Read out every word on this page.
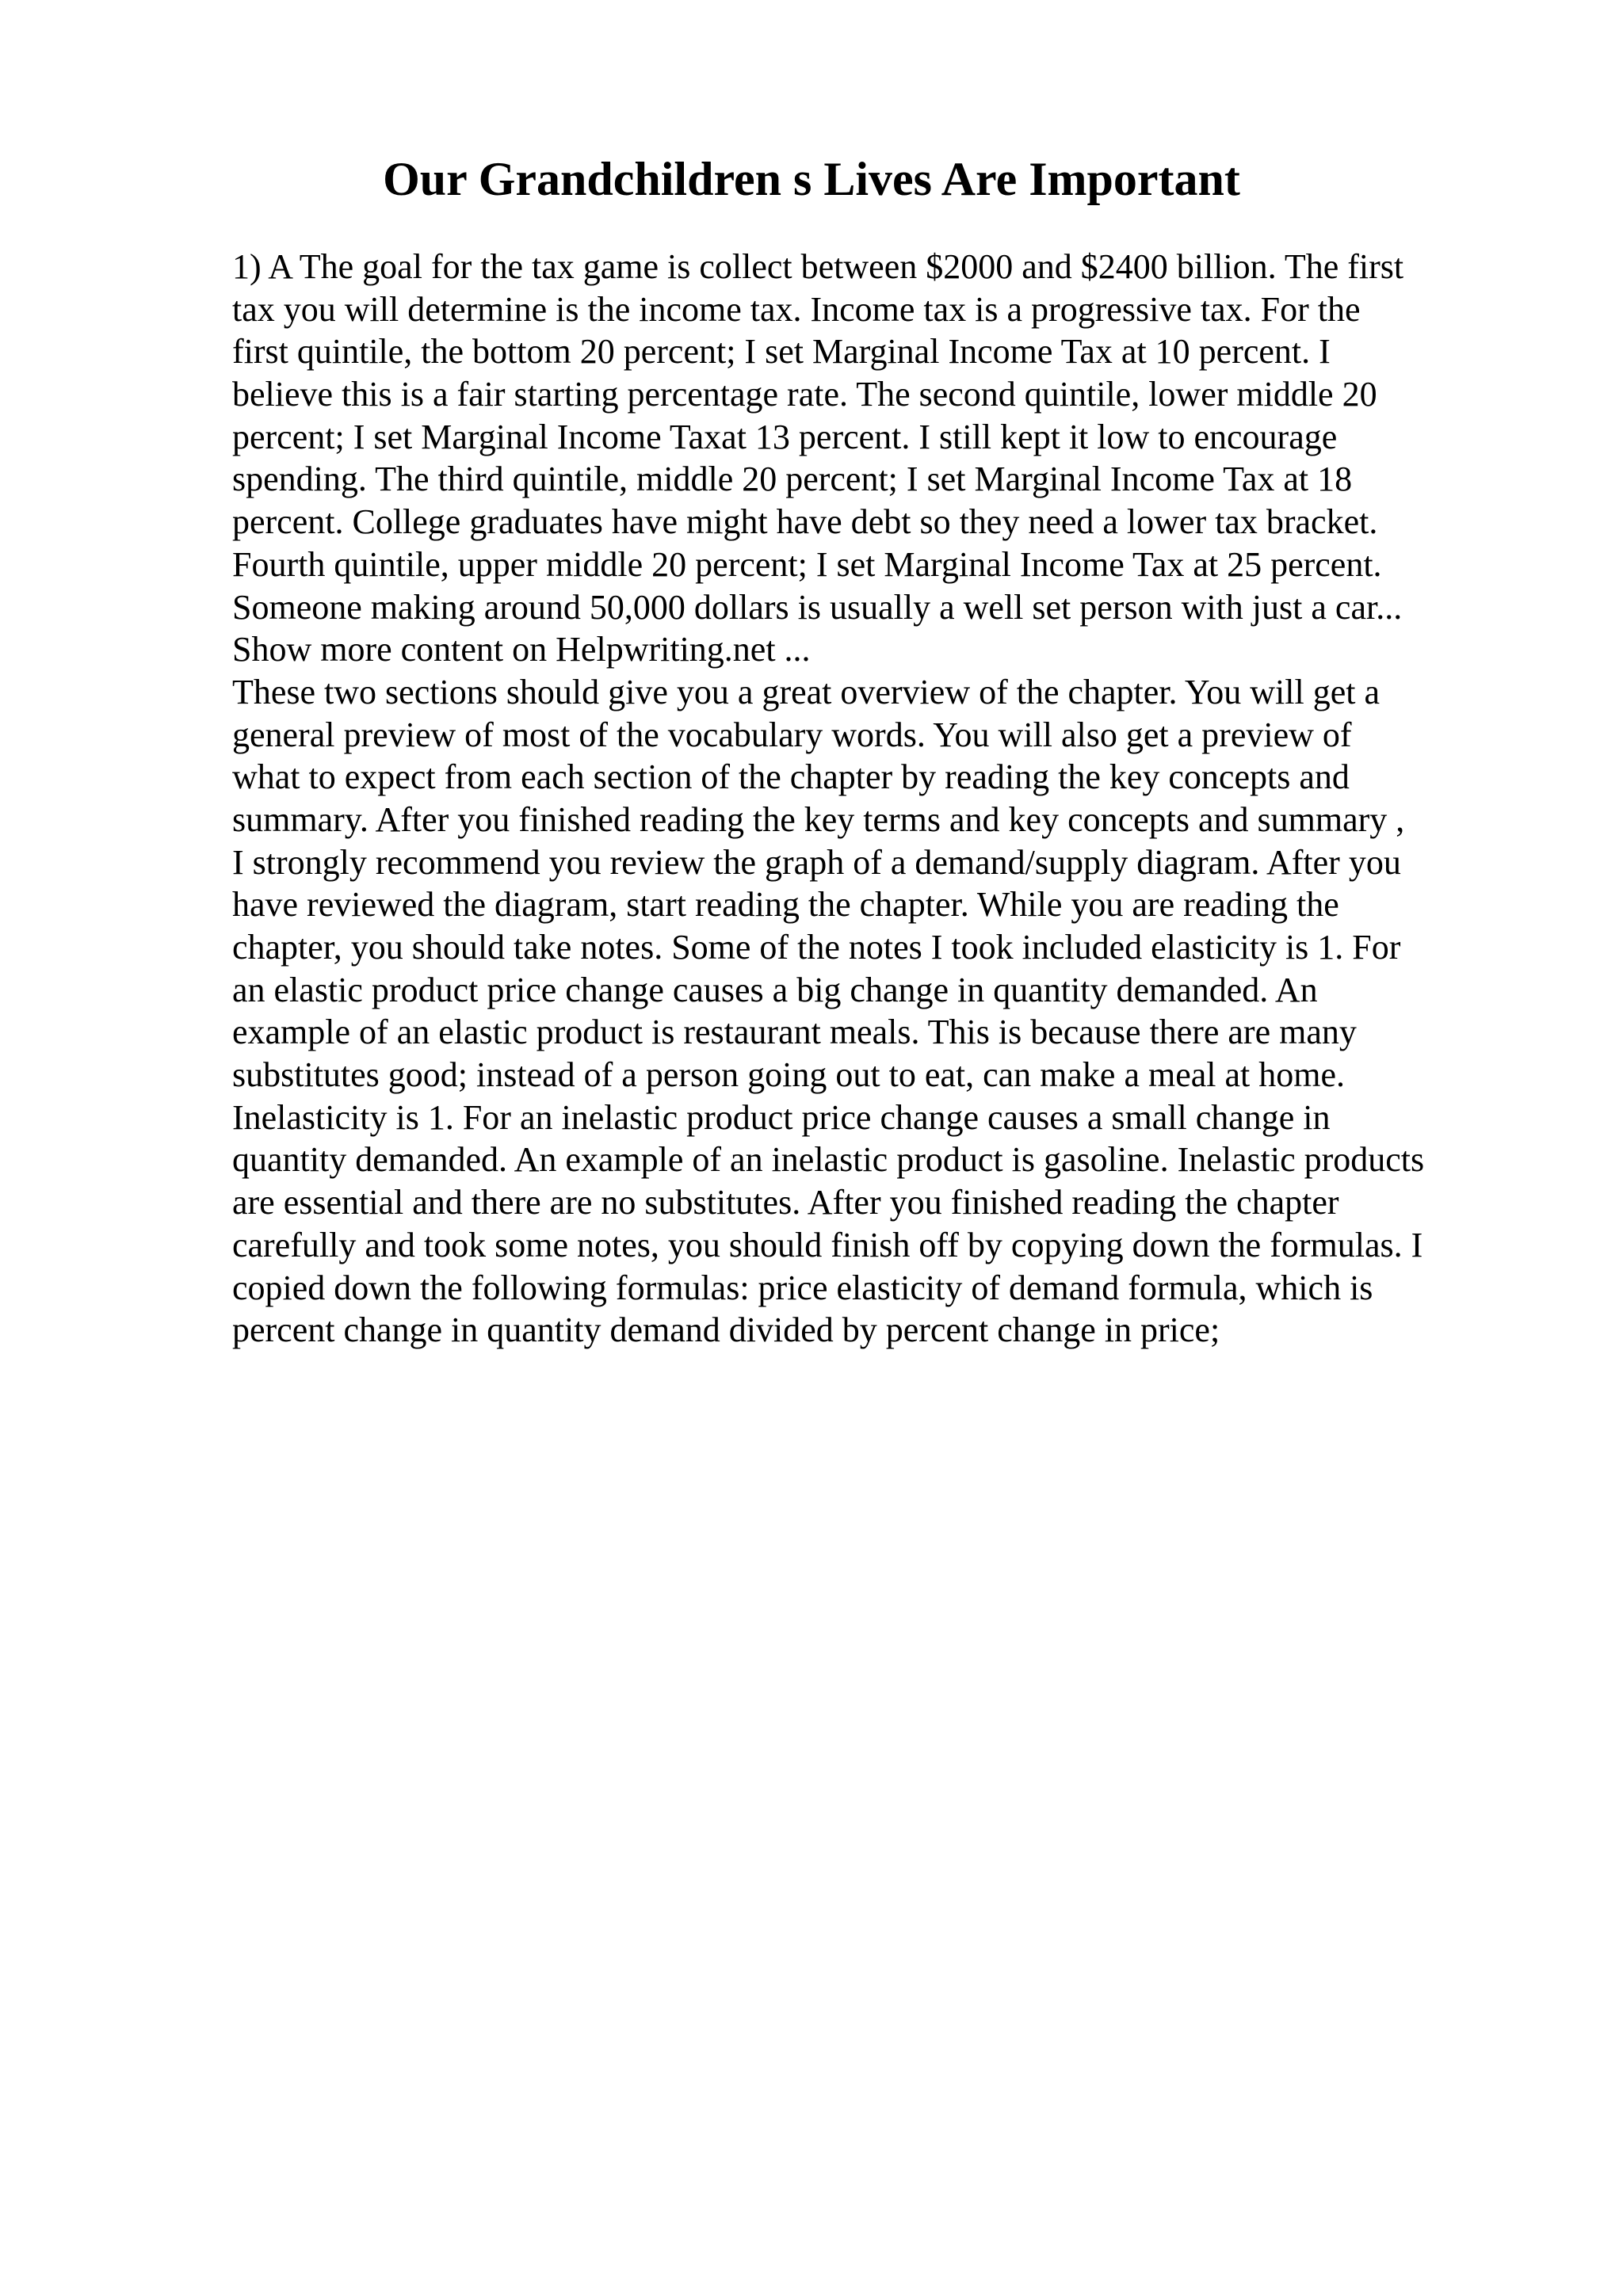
Our Grandchildren s Lives Are Important
1) A The goal for the tax game is collect between $2000 and $2400 billion. The first
tax you will determine is the income tax. Income tax is a progressive tax. For the
first quintile, the bottom 20 percent; I set Marginal Income Tax at 10 percent. I
believe this is a fair starting percentage rate. The second quintile, lower middle 20
percent; I set Marginal Income Taxat 13 percent. I still kept it low to encourage
spending. The third quintile, middle 20 percent; I set Marginal Income Tax at 18
percent. College graduates have might have debt so they need a lower tax bracket.
Fourth quintile, upper middle 20 percent; I set Marginal Income Tax at 25 percent.
Someone making around 50,000 dollars is usually a well set person with just a car...
Show more content on Helpwriting.net ...
These two sections should give you a great overview of the chapter. You will get a
general preview of most of the vocabulary words. You will also get a preview of
what to expect from each section of the chapter by reading the key concepts and
summary. After you finished reading the key terms and key concepts and summary ,
I strongly recommend you review the graph of a demand/supply diagram. After you
have reviewed the diagram, start reading the chapter. While you are reading the
chapter, you should take notes. Some of the notes I took included elasticity is 1. For
an elastic product price change causes a big change in quantity demanded. An
example of an elastic product is restaurant meals. This is because there are many
substitutes good; instead of a person going out to eat, can make a meal at home.
Inelasticity is 1. For an inelastic product price change causes a small change in
quantity demanded. An example of an inelastic product is gasoline. Inelastic products
are essential and there are no substitutes. After you finished reading the chapter
carefully and took some notes, you should finish off by copying down the formulas. I
copied down the following formulas: price elasticity of demand formula, which is
percent change in quantity demand divided by percent change in price;
